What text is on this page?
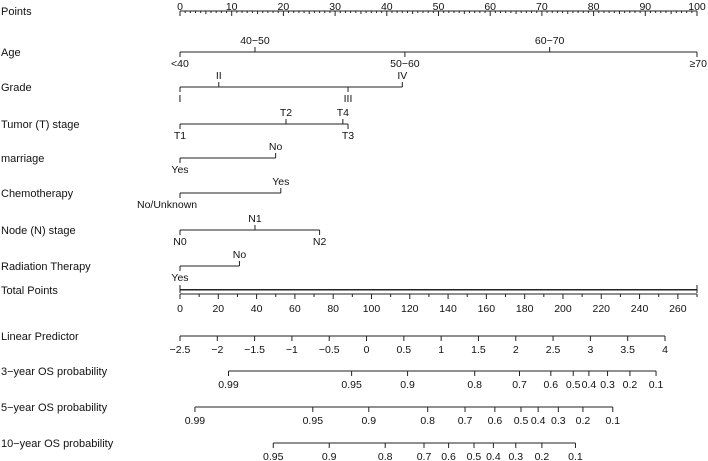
Points	0	10	20	30	40	50	60	70	80	90	100
Age
<40
40−50
50−60
60−70
≥70
Grade
I
II
III
IV
Tumor (T) stage
T1
T2
T3
T4
marriage
Yes
No
Chemotherapy
No/Unknown
Yes
Node (N) stage
N0
N1
N2
Radiation Therapy
Yes
No
Total Points
0	20	40	60	80 100 120 140 160 180 200 220 240 260
Linear Predictor
−2.5 −2 −1.5 −1 −0.5 0	0.5	1	1.5	2	2.5	3	3.5	4
3−year OS probability
0.99	0.95	0.9	0.8	0.7 0.6 0.5 0.4 0.3 0.2 0.1
5−year OS probability
0.99	0.95	0.9	0.8 0.7 0.6 0.5 0.4 0.3 0.2 0.1
10−year OS probability
0.95	0.9	0.8 0.7 0.6 0.5 0.4 0.3 0.2 0.1
